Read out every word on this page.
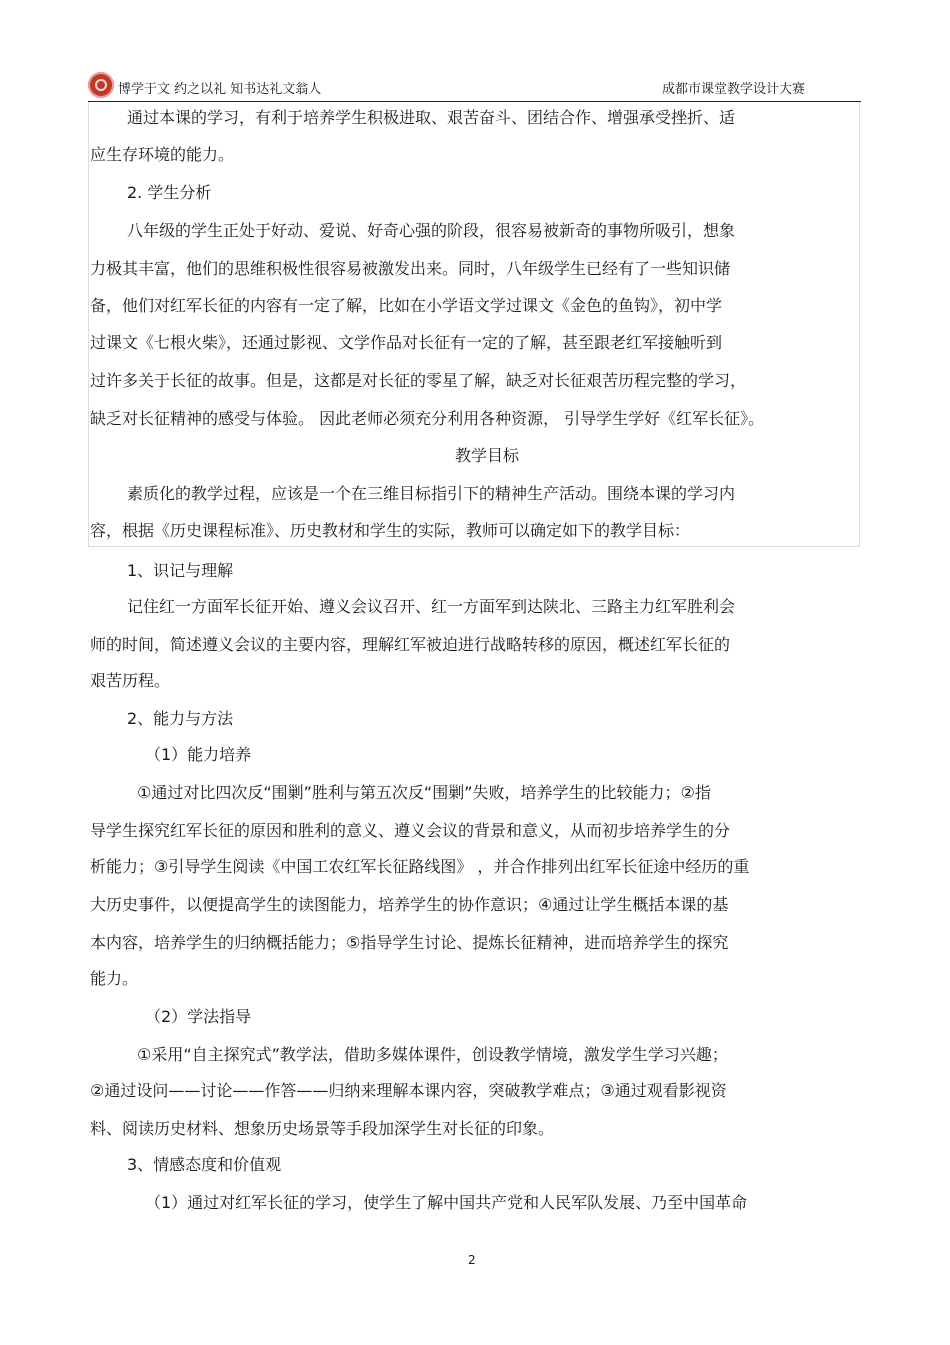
博学于文 约之以礼 知书达礼文翁人	成都市课堂教学设计大赛
通过本课的学习，有利于培养学生积极进取、艰苦奋斗、团结合作、增强承受挫折、适
应生存环境的能力。
2. 学生分析
八年级的学生正处于好动、爱说、好奇心强的阶段，很容易被新奇的事物所吸引，想象
力极其丰富，他们的思维积极性很容易被激发出来。同时，八年级学生已经有了一些知识储
备，他们对红军长征的内容有一定了解，比如在小学语文学过课文《金色的鱼钩》，初中学
过课文《七根火柴》，还通过影视、文学作品对长征有一定的了解，甚至跟老红军接触听到
过许多关于长征的故事。但是，这都是对长征的零星了解，缺乏对长征艰苦历程完整的学习，
缺乏对长征精神的感受与体验。 因此老师必须充分利用各种资源， 引导学生学好《红军长征》。
教学目标
素质化的教学过程，应该是一个在三维目标指引下的精神生产活动。围绕本课的学习内
容，根据《历史课程标准》、历史教材和学生的实际，教师可以确定如下的教学目标：
1、识记与理解
记住红一方面军长征开始、遵义会议召开、红一方面军到达陕北、三路主力红军胜利会
师的时间，简述遵义会议的主要内容，理解红军被迫进行战略转移的原因，概述红军长征的
艰苦历程。
2、能力与方法
（1）能力培养
①通过对比四次反“围剿”胜利与第五次反“围剿”失败，培养学生的比较能力；②指
导学生探究红军长征的原因和胜利的意义、遵义会议的背景和意义，从而初步培养学生的分
析能力；③引导学生阅读《中国工农红军长征路线图》 ，并合作排列出红军长征途中经历的重
大历史事件，以便提高学生的读图能力，培养学生的协作意识；④通过让学生概括本课的基
本内容，培养学生的归纳概括能力；⑤指导学生讨论、提炼长征精神，进而培养学生的探究
能力。
（2）学法指导
①采用“自主探究式”教学法，借助多媒体课件，创设教学情境，激发学生学习兴趣；
②通过设问——讨论——作答——归纳来理解本课内容，突破教学难点；③通过观看影视资
料、阅读历史材料、想象历史场景等手段加深学生对长征的印象。
3、情感态度和价值观
（1）通过对红军长征的学习，使学生了解中国共产党和人民军队发展、乃至中国革命
2
